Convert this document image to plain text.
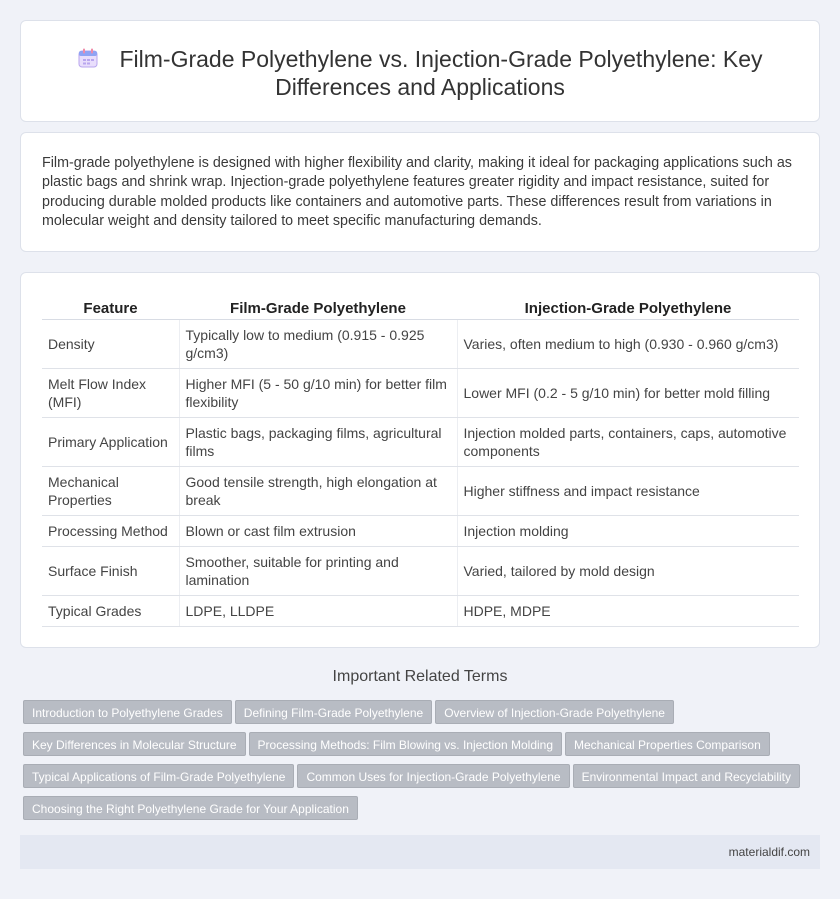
Film-Grade Polyethylene vs. Injection-Grade Polyethylene: Key Differences and Applications

Film-grade polyethylene is designed with higher flexibility and clarity, making it ideal for packaging applications such as plastic bags and shrink wrap. Injection-grade polyethylene features greater rigidity and impact resistance, suited for producing durable molded products like containers and automotive parts. These differences result from variations in molecular weight and density tailored to meet specific manufacturing demands.

Feature	Film-Grade Polyethylene	Injection-Grade Polyethylene
Density	Typically low to medium (0.915 - 0.925 g/cm3)	Varies, often medium to high (0.930 - 0.960 g/cm3)
Melt Flow Index (MFI)	Higher MFI (5 - 50 g/10 min) for better film flexibility	Lower MFI (0.2 - 5 g/10 min) for better mold filling
Primary Application	Plastic bags, packaging films, agricultural films	Injection molded parts, containers, caps, automotive components
Mechanical Properties	Good tensile strength, high elongation at break	Higher stiffness and impact resistance
Processing Method	Blown or cast film extrusion	Injection molding
Surface Finish	Smoother, suitable for printing and lamination	Varied, tailored by mold design
Typical Grades	LDPE, LLDPE	HDPE, MDPE
Important Related Terms
Introduction to Polyethylene Grades Defining Film-Grade Polyethylene Overview of Injection-Grade Polyethylene
Key Differences in Molecular Structure Processing Methods: Film Blowing vs. Injection Molding Mechanical Properties Comparison
Typical Applications of Film-Grade Polyethylene Common Uses for Injection-Grade Polyethylene Environmental Impact and Recyclability
Choosing the Right Polyethylene Grade for Your Application
materialdif.com
